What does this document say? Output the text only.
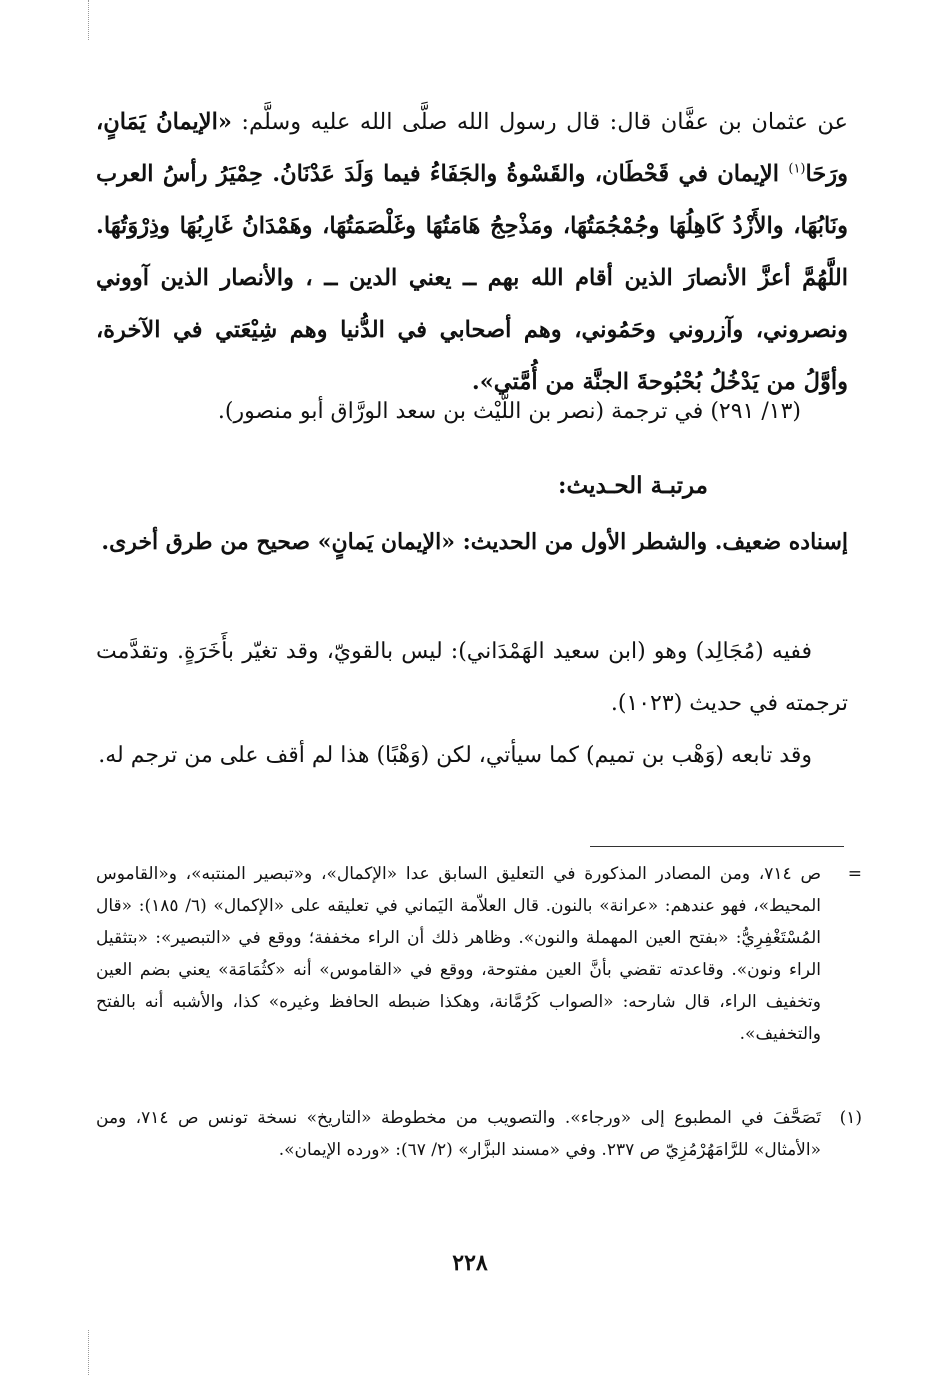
عن عثمان بن عفَّان قال: قال رسول الله صلَّى الله عليه وسلَّم: «الإيمانُ يَمَانٍ، ورَحَا$^{(١)}$ الإيمان في قَحْطَان، والقَسْوةُ والجَفَاءُ فيما وَلَدَ عَدْنَانُ. حِمْيَرُ رأسُ العرب ونَابُهَا، والأَزْدُ كَاهِلُهَا وجُمْجُمَتُهَا، ومَذْحِجُ هَامَتُهَا وغَلْصَمَتُهَا، وهَمْدَانُ غَارِبُهَا وذِرْوَتُهَا. اللَّهُمَّ أعزَّ الأنصارَ الذين أقام الله بهم ــ يعني الدين ــ ، والأنصار الذين آووني ونصروني، وآزروني وحَمُوني، وهم أصحابي في الدُّنيا وهم شِيْعَتي في الآخرة، وأوَّلُ من يَدْخُلُ بُحْبُوحةَ الجنَّة من أُمَّتي».
(١٣/ ٢٩١) في ترجمة (نصر بن اللَّيْث بن سعد الورَّاق أبو منصور).
مرتبـة الحـديث:
إسناده ضعيف. والشطر الأول من الحديث: «الإيمان يَمانٍ» صحيح من طرق أخرى.
ففيه (مُجَالِد) وهو (ابن سعيد الهَمْدَاني): ليس بالقويّ، وقد تغيّر بأَخَرَةٍ. وتقدَّمت ترجمته في حديث (١٠٢٣).
وقد تابعه (وَهْب بن تميم) كما سيأتي، لكن (وَهْبًا) هذا لم أقف على من ترجم له.
=
ص ٧١٤، ومن المصادر المذكورة في التعليق السابق عدا «الإكمال»، و«تبصير المنتبه»، و«القاموس المحيط»، فهو عندهم: «عرانة» بالنون. قال العلاّمة اليَماني في تعليقه على «الإكمال» (٦/ ١٨٥): «قال المُسْتَغْفِرِيُّ: «بفتح العين المهملة والنون». وظاهر ذلك أن الراء مخففة؛ ووقع في «التبصير»: «بتثقيل الراء ونون». وقاعدته تقضي بأنَّ العين مفتوحة، ووقع في «القاموس» أنه «كثُمَامَة» يعني بضم العين وتخفيف الراء، قال شارحه: «الصواب كَرُمَّانة، وهكذا ضبطه الحافظ وغيره» كذا، والأشبه أنه بالفتح والتخفيف».
(١)
تَصَحَّفَ في المطبوع إلى «ورجاء». والتصويب من مخطوطة «التاريخ» نسخة تونس ص ٧١٤، ومن «الأمثال» للرَّامَهُرْمُزِيّ ص ٢٣٧. وفي «مسند البزَّار» (٢/ ٦٧): «ورده الإيمان».
٢٢٨
